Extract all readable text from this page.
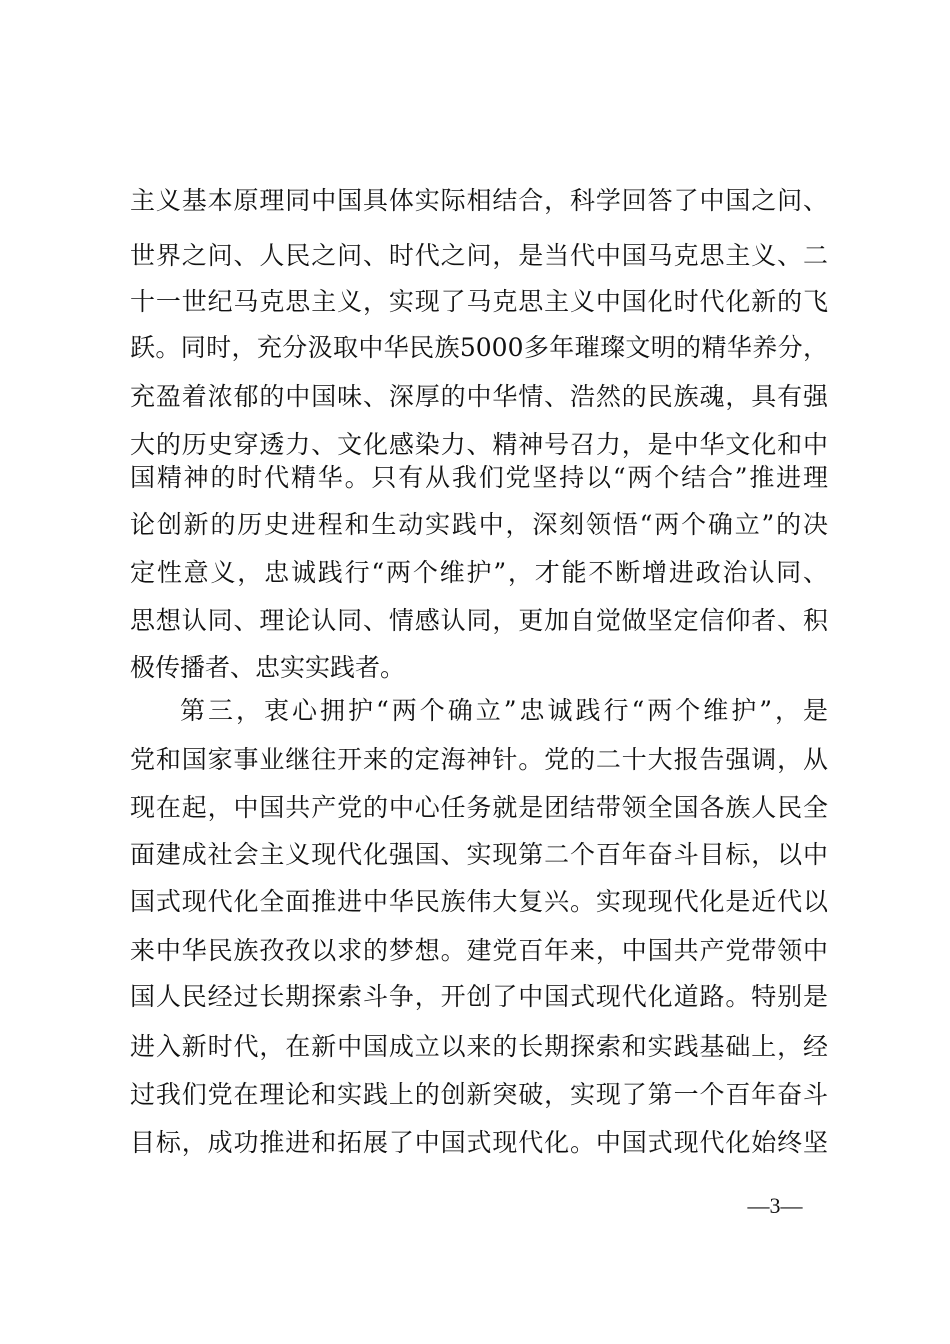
主义基本原理同中国具体实际相结合，科学回答了中国之问、
世界之问、人民之问、时代之问，是当代中国马克思主义、二
十一世纪马克思主义，实现了马克思主义中国化时代化新的飞
跃。同时，充分汲取中华民族5000多年璀璨文明的精华养分，
充盈着浓郁的中国味、深厚的中华情、浩然的民族魂，具有强
大的历史穿透力、文化感染力、精神号召力，是中华文化和中
国精神的时代精华。只有从我们党坚持以“两个结合”推进理
论创新的历史进程和生动实践中，深刻领悟“两个确立”的决
定性意义，忠诚践行“两个维护”，才能不断增进政治认同、
思想认同、理论认同、情感认同，更加自觉做坚定信仰者、积
极传播者、忠实实践者。
第三，衷心拥护“两个确立”忠诚践行“两个维护”，是
党和国家事业继往开来的定海神针。党的二十大报告强调，从
现在起，中国共产党的中心任务就是团结带领全国各族人民全
面建成社会主义现代化强国、实现第二个百年奋斗目标，以中
国式现代化全面推进中华民族伟大复兴。实现现代化是近代以
来中华民族孜孜以求的梦想。建党百年来，中国共产党带领中
国人民经过长期探索斗争，开创了中国式现代化道路。特别是
进入新时代，在新中国成立以来的长期探索和实践基础上，经
过我们党在理论和实践上的创新突破，实现了第一个百年奋斗
目标，成功推进和拓展了中国式现代化。中国式现代化始终坚
—3—
